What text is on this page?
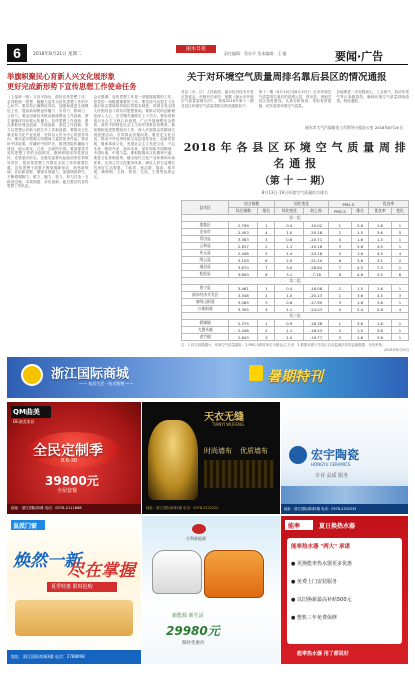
6	2018年8月21日 星期二
丽水日报
责任编辑：蔡东平 美术编辑：王 婕	要闻·广告
举旗帜聚民心育新人兴文化展形象
更好完成新形势下宣传思想工作使命任务
（上接第一版）习近平指出，做好宣传思想工作，必须把统一思想、凝聚力量作为宣传思想工作的中心环节。要坚持正确舆论导向，加强和改进主流舆论工作，提高新闻舆论传播力、引导力、影响力、公信力。要运用新技术推动新闻舆论工作创新，使主流媒体具有强大传播力。宣传思想工作创新，重点要抓好理念创新、手段创新、基层工作创新，努力以思想认识新飞跃打开工作新局面。要推动文化事业和文化产业发展，坚持以人民为中心的创作导向，推出更多增强人民精神力量的优秀作品。要讲好中国故事，传播好中国声音，推进国际传播能力建设，展示真实、立体、全面的中国。要加强党对宣传思想工作的全面领导，旗帜鲜明坚持党管宣传、党管意识形态。各级党委要负起政治责任和领导责任，把宣传思想工作摆在全局工作的重要位置。宣传思想干部要不断掌握新知识、熟悉新领域、开拓新视野，增强本领能力，加强调查研究，不断增强脚力、眼力、脑力、笔力，努力打造一支政治过硬、本领高强、求实创新、能打胜仗的宣传思想工作队伍。
会议强调，宣传思想工作是一项极端重要的工作，是党的一项极端重要的工作。要坚持马克思主义在意识形态领域指导地位的根本制度，巩固全党全国人民团结奋斗的共同思想基础。要推动党的创新理论深入人心，在学懂弄通做实上下功夫。要培育和践行社会主义核心价值观，广泛开展理想信念教育，深化中国特色社会主义和中国梦宣传教育。要加强和改进思想政治工作，深入开展群众性精神文明创建活动，引导群众崇德向善。要坚定文化自信，推动中华优秀传统文化创造性转化、创新性发展，继承革命文化，发展社会主义先进文化，不忘本来、吸收外来、面向未来，更好构筑中国精神、中国价值、中国力量。要积极推动文化繁荣兴盛，推进文化体制改革，健全现代文化产业体系和市场体系，完善公共文化服务体系，满足人民日益增长的美好生活需要。丁薛祥、杨洁篪、陈希、郭声琨、黄坤明、王晨、蔡奇、尤权、王勇等出席会议。
关于对环境空气质量周排名靠后县区的情况通报
各县（市、区）人民政府、丽水经济技术开发区管委会，市级有关单位：根据《丽水市环境空气质量管理办法》，现将2018年第十一期各县区环境空气质量周排名情况通报如下。
第十一期（8月13日至8月19日）全市环境空气质量排名靠后的是缙云县、青田县，请相关县区高度重视，认真分析原因，采取有效措施，切实改善环境空气质量。
各地要进一步加强扬尘、工业废气、机动车尾气等污染源管控，确保环境空气质量持续改善。特此通报。
丽水市大气污染防治工作领导小组办公室 2018年8月20日
2018 年 各 县 区 环 境 空 气 质 量 周 排 名 通 报
（第 十 一 期）
8月13日-19日环境空气质量综合排名
县市区	综合指数		同比变化		PM2.5		优良率	
	综合指数	排名	同比变化	较上周	PM2.5	排名	优良率	变化
第一组								
莲都区	2.799	1	0.4	-10.02	1	3.6	1.6	1
龙泉市	2.403	4	1.0	-20.18	2	1.5	3.6	5
青田县	3.383	3	0.6	-20.71	4	1.6	1.5	1
云和县	2.637	2	1.1	-10.18	3	3.6	4.5	1
庆元县	2.446	5	1.4	-20.18	5	1.6	4.5	4
缙云县	3.109	6	2.0	-21.20	6	3.6	3.1	2
遂昌县	3.670	7	3.0	-26.84	7	4.5	7.3	1
松阳县	3.600	8	3.1	-7.18	8	4.6	3.5	8
第二组								
景宁县	3.461	1	0.4	-18.08	2	1.5	1.6	1
丽水经济开发区	3.348	2	1.0	-20.13	1	3.6	4.5	3
南明山街道	3.065	3	0.6	-17.90	3	1.6	3.6	1
万象街道	3.305	4	1.1	-24.03	4	2.4	2.6	4
第三组								
碧湖镇	2.375	1	0.9	-18.38	1	3.6	1.6	1
大港头镇	2.446	2	1.1	-18.53	2	1.5	3.6	1
老竹镇	2.643	3	1.0	-19.77	3	1.6	3.6	1
注：1.综合指数越小，环境空气质量越好；2.PM2.5浓度单位为微克/立方米；3.数据来源于各县区自动监测站实时监测数据，未经审核。
2018年8月20日
浙江国际商城
—— 家居生活一站式购物 ——	暑期特刊
QM曲美
DE曲美家居
全民定制季
8.6-30
39800元
全屋套餐
地址：浙江国际商城 电话：0578-2111888
天衣无缝
TIANYI WUFENG
时尚墙布 优质墙布
地址：浙江国际商城1楼 电话：0578-2222222
宏宇陶瓷
HONGYU CERAMICS
专业 品质 服务
地址：浙江国际商城2楼 电话：0578-2333333
皇派门窗
焕然一新
尽在掌握
夏季特惠 限时抢购
地址：浙江国际商城3楼 电话：2788098
吉利新能源
新能源 新生活
29980元
限时优惠价
能率	夏日换热水器
能率热水器 "两大" 承诺
● 更换能率热水器更多优惠
● 免费上门安装服务
● 以旧换新最高补贴500元
● 整机三年免费保修
能率热水器 用了都说好
